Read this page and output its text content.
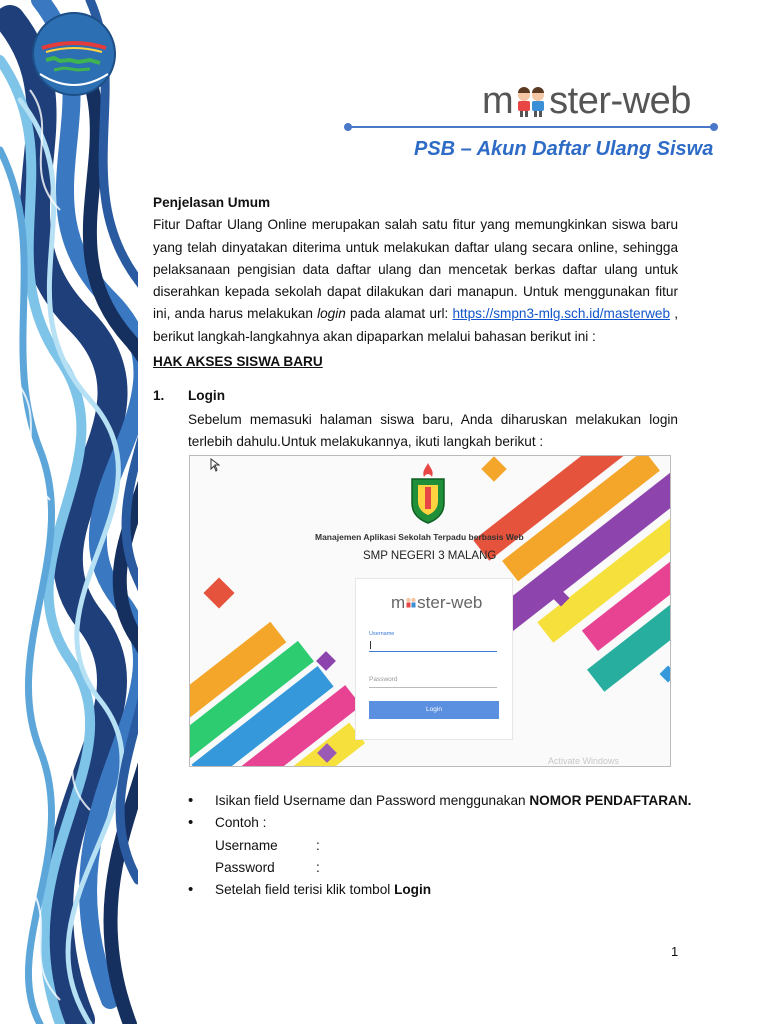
m ster-web
PSB – Akun Daftar Ulang Siswa

Penjelasan Umum

Fitur Daftar Ulang Online merupakan salah satu fitur yang memungkinkan siswa baru yang telah dinyatakan diterima untuk melakukan daftar ulang secara online, sehingga pelaksanaan pengisian data daftar ulang dan mencetak berkas daftar ulang untuk diserahkan kepada sekolah dapat dilakukan dari manapun. Untuk menggunakan fitur ini, anda harus melakukan login pada alamat url: https://smpn3-mlg.sch.id/masterweb , berikut langkah-langkahnya akan dipaparkan melalui bahasan berikut ini :

HAK AKSES SISWA BARU
1. Login

Sebelum memasuki halaman siswa baru, Anda diharuskan melakukan login terlebih dahulu.Untuk melakukannya, ikuti langkah berikut :

Manajemen Aplikasi Sekolah Terpadu berbasis Web
SMP NEGERI 3 MALANG
m ster-web
Username
Password
Login
Activate Windows
• Isikan field Username dan Password menggunakan NOMOR PENDAFTARAN.
• Contoh :
Username	:
Password	:
• Setelah field terisi klik tombol Login
1
